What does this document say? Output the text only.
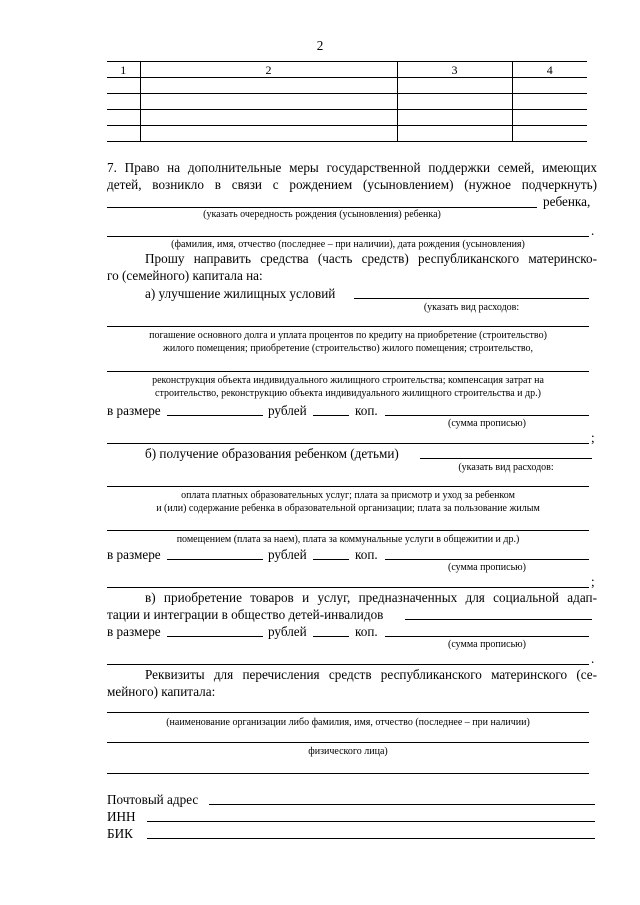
2
1	2	3	4

7. Право на дополнительные меры государственной поддержки семей, имеющих
детей, возникло в связи с рождением (усыновлением) (нужное подчеркнуть)
ребенка,
(указать очередность рождения (усыновления) ребенка)
.
(фамилия, имя, отчество (последнее – при наличии), дата рождения (усыновления)
Прошу направить средства (часть средств) республиканского материнско-
го (семейного) капитала на:
а) улучшение жилищных условий
(указать вид расходов:
погашение основного долга и уплата процентов по кредиту на приобретение (строительство)
жилого помещения; приобретение (строительство) жилого помещения; строительство,
реконструкция объекта индивидуального жилищного строительства; компенсация затрат на
строительство, реконструкцию объекта индивидуального жилищного строительства и др.)
в размере	рублей	коп.
(сумма прописью)
;
б) получение образования ребенком (детьми)
(указать вид расходов:
оплата платных образовательных услуг; плата за присмотр и уход за ребенком
и (или) содержание ребенка в образовательной организации; плата за пользование жилым
помещением (плата за наем), плата за коммунальные услуги в общежитии и др.)
в размере	рублей	коп.
(сумма прописью)
;
в) приобретение товаров и услуг, предназначенных для социальной адап-
тации и интеграции в общество детей-инвалидов
в размере	рублей	коп.
(сумма прописью)
.
Реквизиты для перечисления средств республиканского материнского (се-
мейного) капитала:
(наименование организации либо фамилия, имя, отчество (последнее – при наличии)
физического лица)
Почтовый адрес
ИНН
БИК
